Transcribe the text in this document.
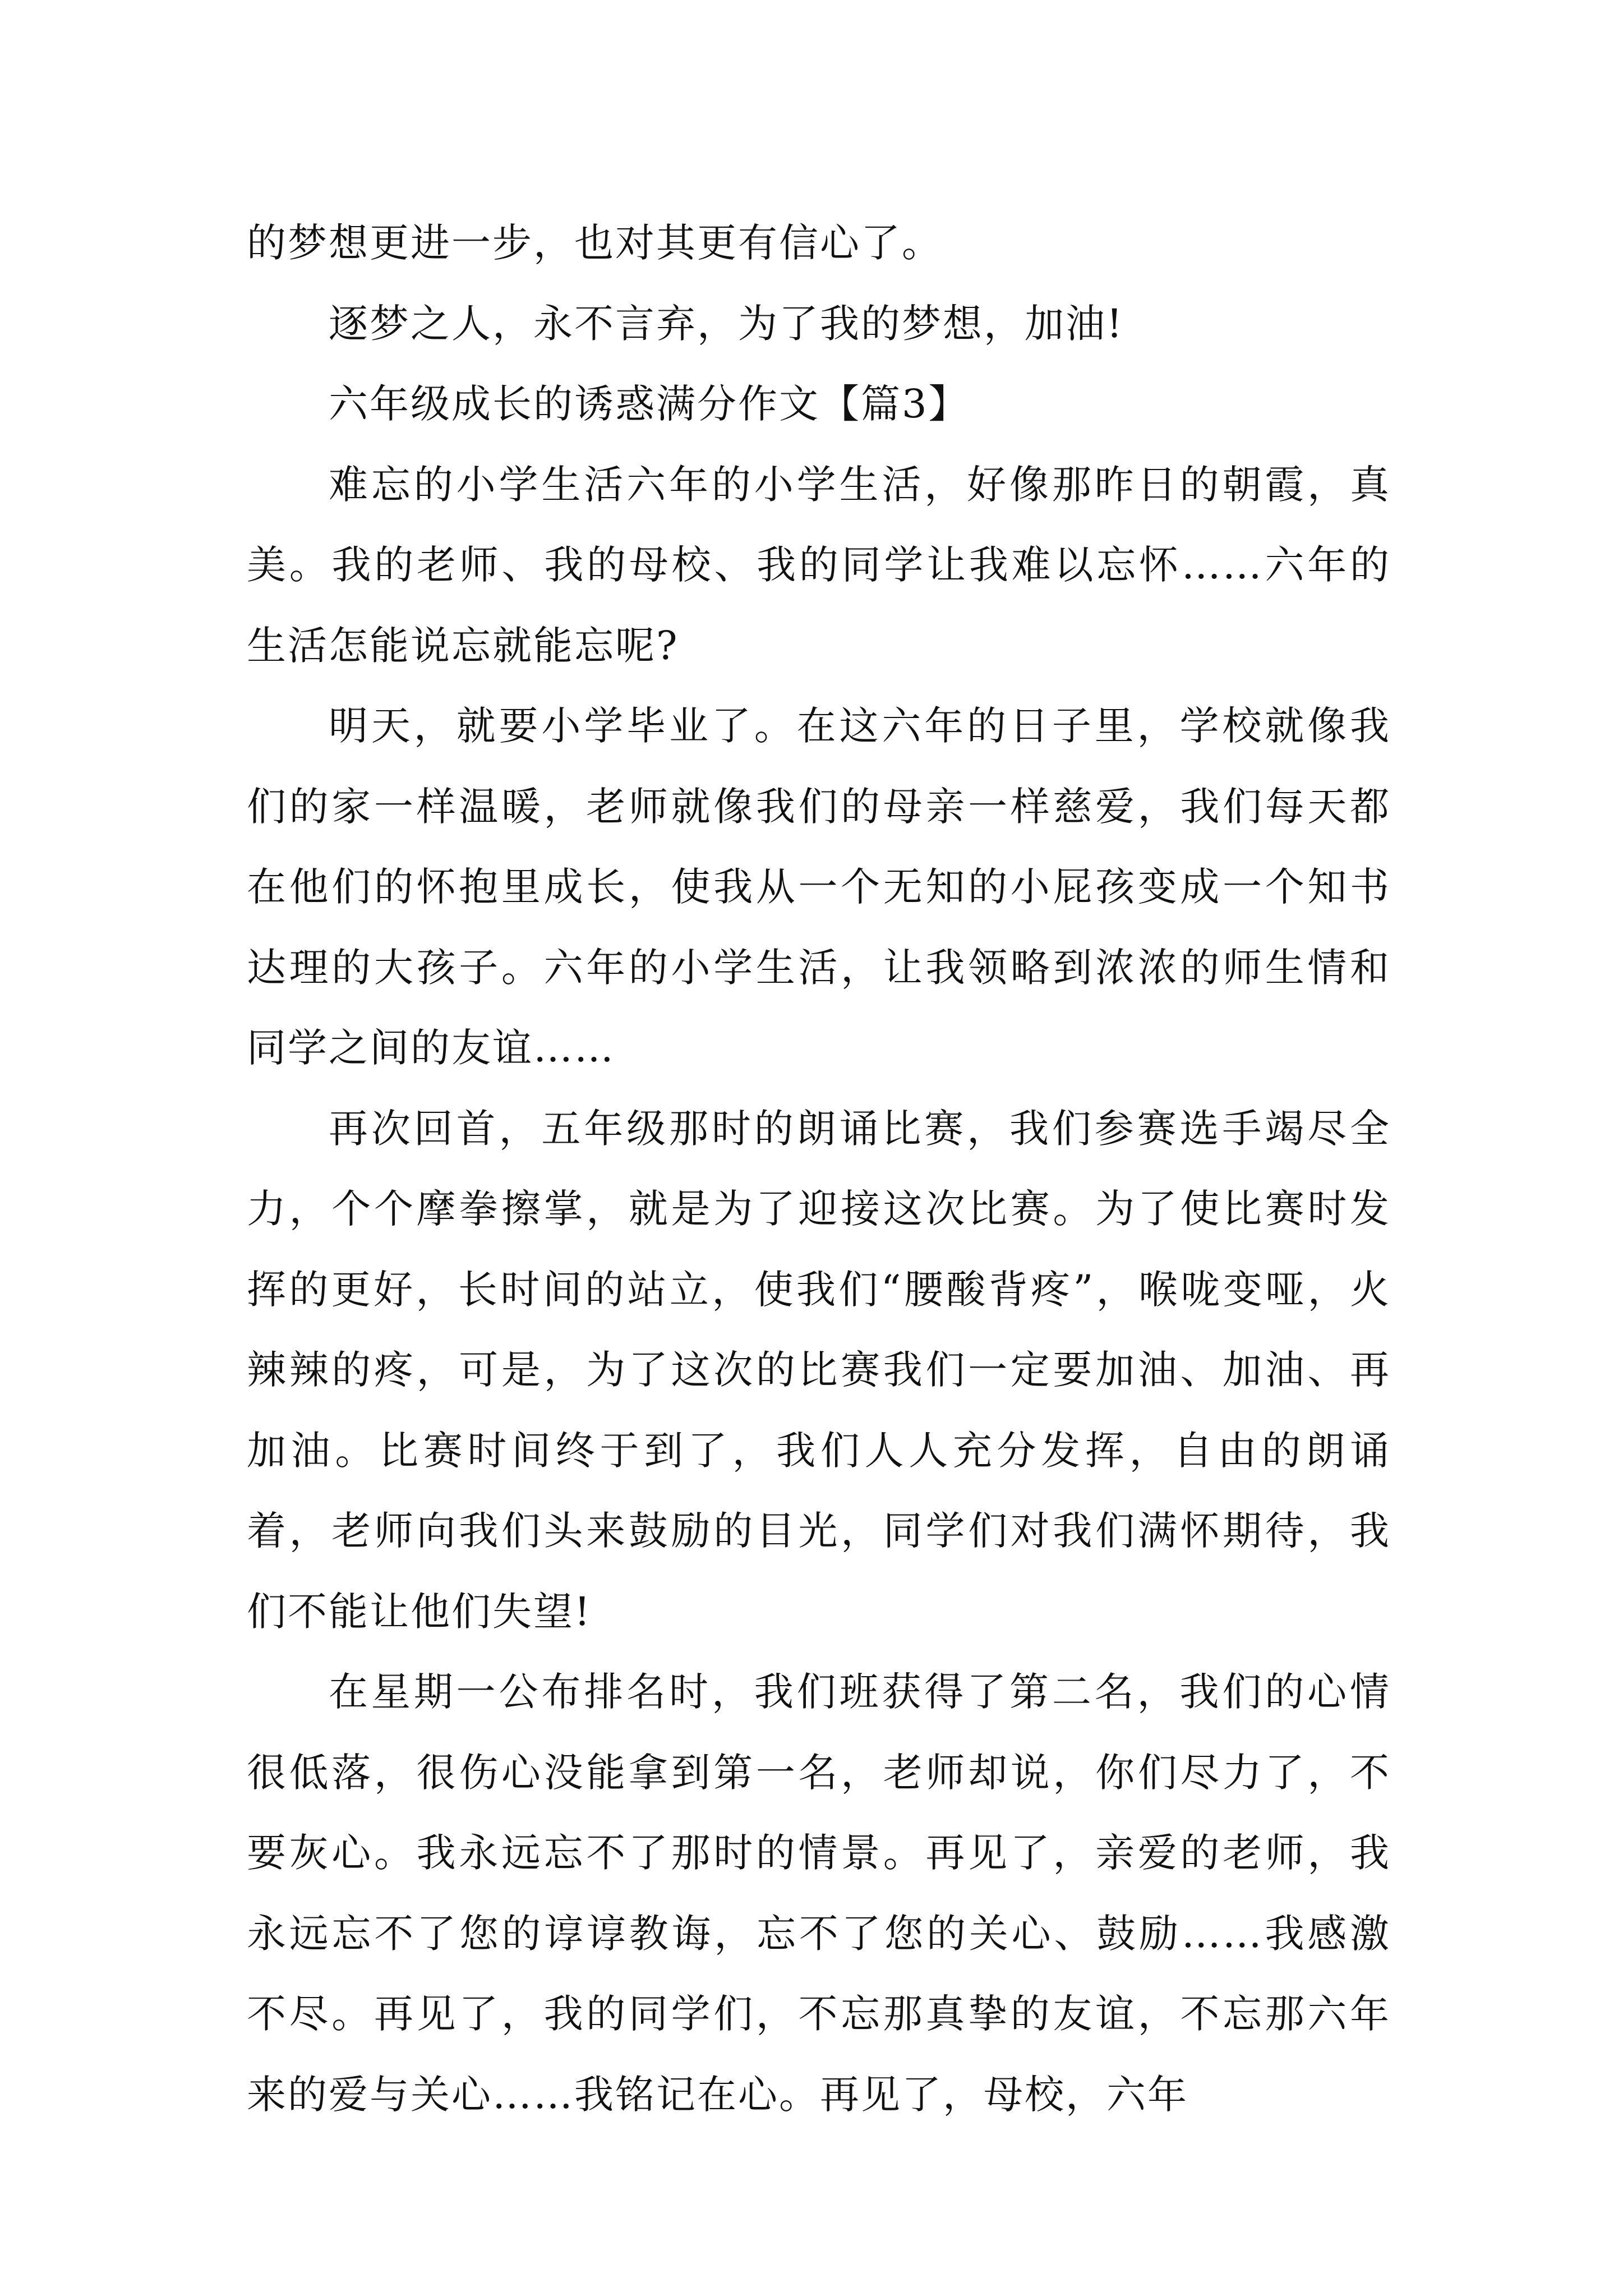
的梦想更进一步，也对其更有信心了。

逐梦之人，永不言弃，为了我的梦想，加油!

六年级成长的诱惑满分作文【篇3】

难忘的小学生活六年的小学生活，好像那昨日的朝霞，真美。我的老师、我的母校、我的同学让我难以忘怀……六年的生活怎能说忘就能忘呢?

明天，就要小学毕业了。在这六年的日子里，学校就像我们的家一样温暖，老师就像我们的母亲一样慈爱，我们每天都在他们的怀抱里成长，使我从一个无知的小屁孩变成一个知书达理的大孩子。六年的小学生活，让我领略到浓浓的师生情和同学之间的友谊……

再次回首，五年级那时的朗诵比赛，我们参赛选手竭尽全力，个个摩拳擦掌，就是为了迎接这次比赛。为了使比赛时发挥的更好，长时间的站立，使我们“腰酸背疼”，喉咙变哑，火辣辣的疼，可是，为了这次的比赛我们一定要加油、加油、再加油。比赛时间终于到了，我们人人充分发挥，自由的朗诵着，老师向我们头来鼓励的目光，同学们对我们满怀期待，我们不能让他们失望!

在星期一公布排名时，我们班获得了第二名，我们的心情很低落，很伤心没能拿到第一名，老师却说，你们尽力了，不要灰心。我永远忘不了那时的情景。再见了，亲爱的老师，我永远忘不了您的谆谆教诲，忘不了您的关心、鼓励……我感激不尽。再见了，我的同学们，不忘那真挚的友谊，不忘那六年来的爱与关心……我铭记在心。再见了，母校，六年
